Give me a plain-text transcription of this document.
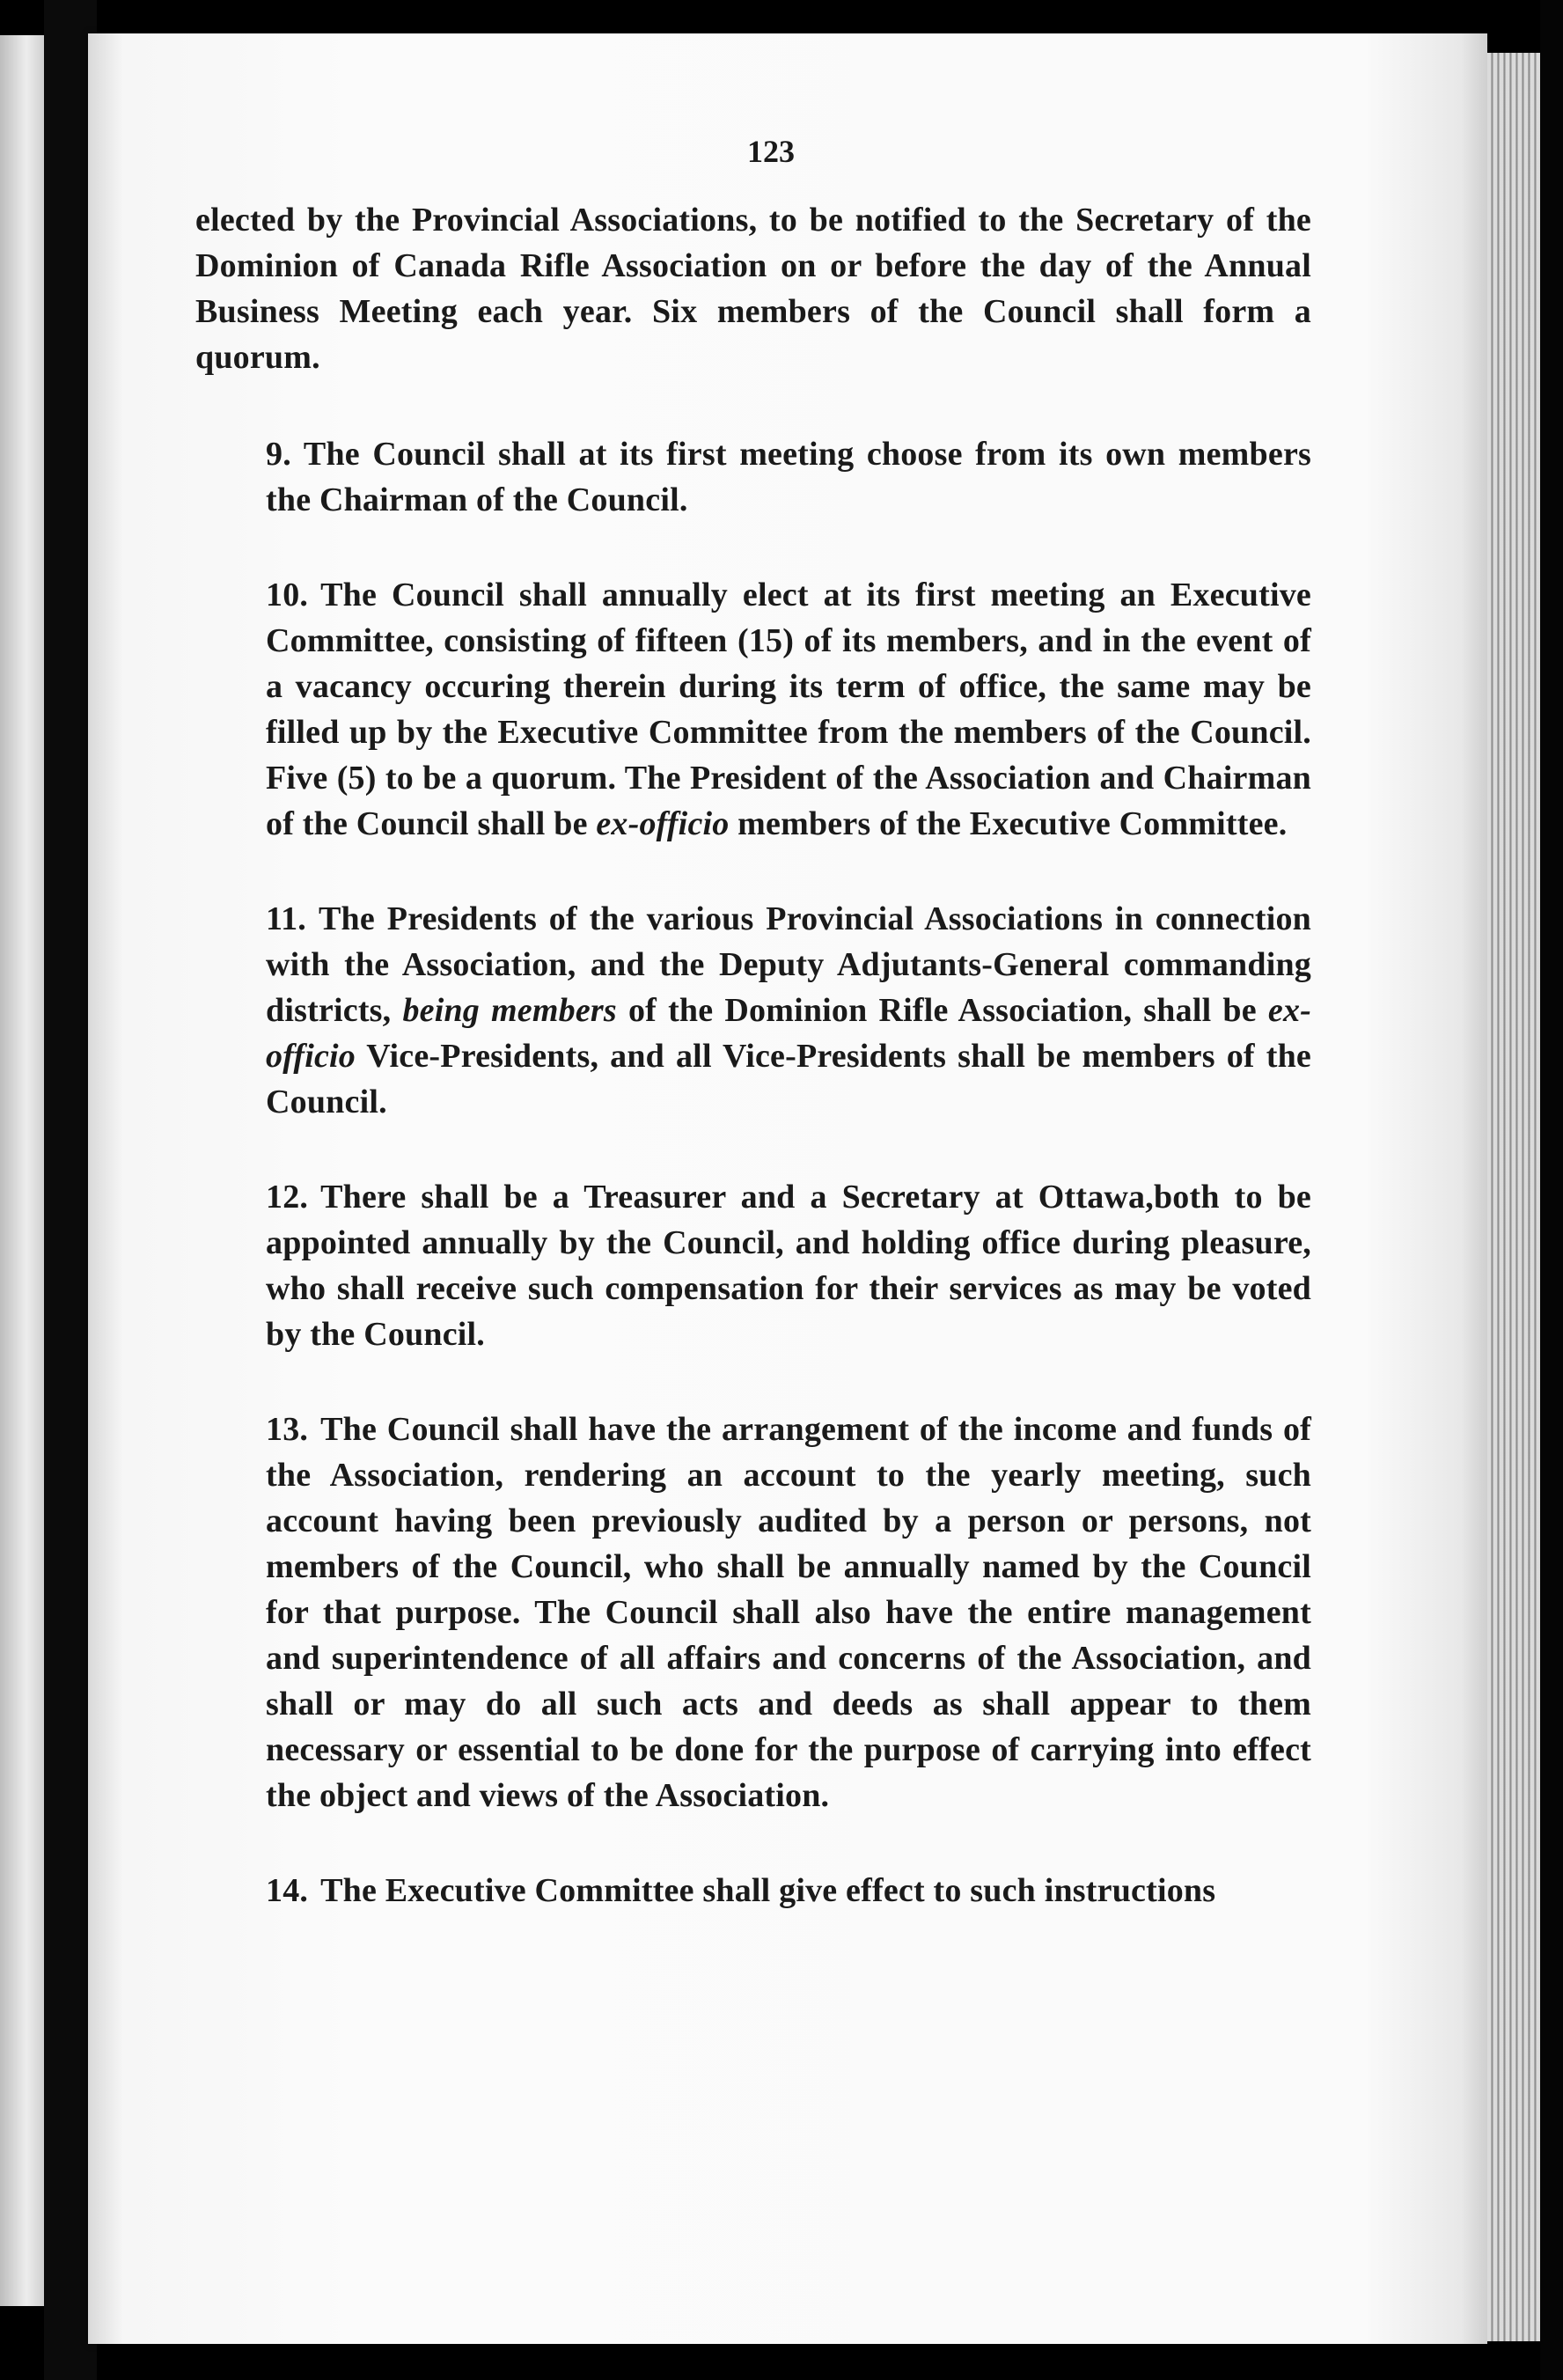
123

elected by the Provincial Associations, to be notified to the Secretary of the Dominion of Canada Rifle Association on or before the day of the Annual Business Meeting each year. Six members of the Council shall form a quorum.

9. The Council shall at its first meeting choose from its own members the Chairman of the Council.

10. The Council shall annually elect at its first meeting an Executive Committee, consisting of fifteen (15) of its members, and in the event of a vacancy occuring therein during its term of office, the same may be filled up by the Executive Committee from the members of the Council. Five (5) to be a quorum. The President of the Association and Chairman of the Council shall be ex-officio members of the Executive Committee.

11. The Presidents of the various Provincial Associations in connection with the Association, and the Deputy Adjutants-General commanding districts, being members of the Dominion Rifle Association, shall be ex-officio Vice-Presidents, and all Vice-Presidents shall be members of the Council.

12. There shall be a Treasurer and a Secretary at Ottawa,both to be appointed annually by the Council, and holding office during pleasure, who shall receive such compensation for their services as may be voted by the Council.

13. The Council shall have the arrangement of the income and funds of the Association, rendering an account to the yearly meeting, such account having been previously audited by a person or persons, not members of the Council, who shall be annually named by the Council for that purpose. The Council shall also have the entire management and superintendence of all affairs and concerns of the Association, and shall or may do all such acts and deeds as shall appear to them necessary or essential to be done for the purpose of carrying into effect the object and views of the Association.

14. The Executive Committee shall give effect to such instructions
